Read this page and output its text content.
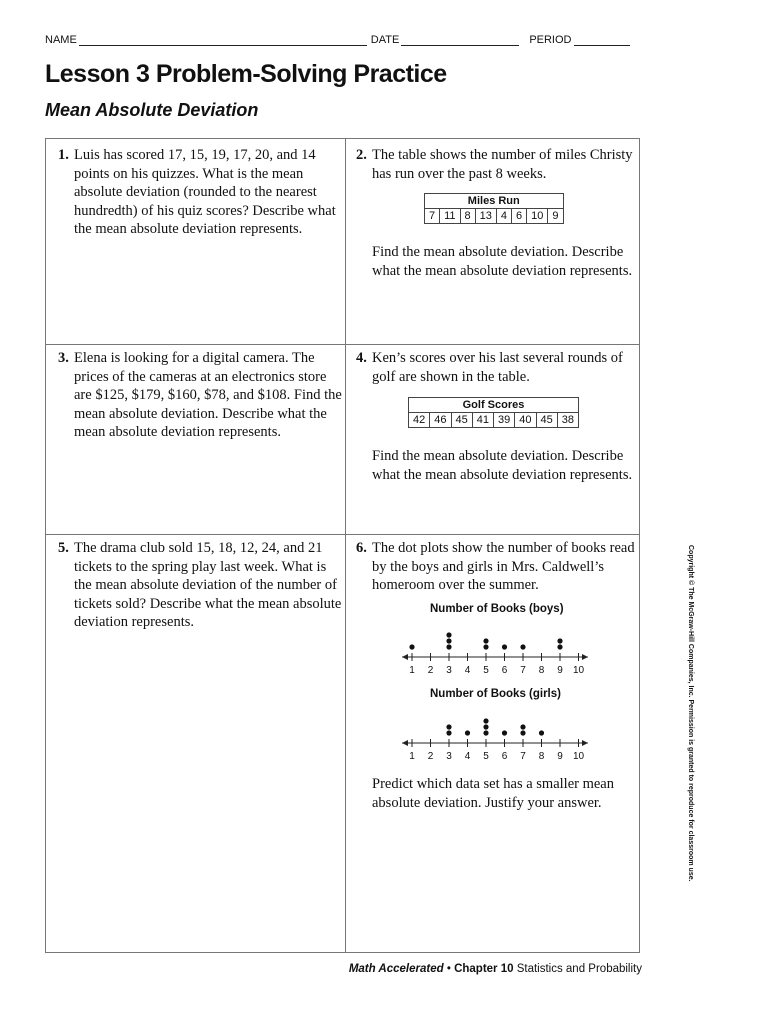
NAME	DATE	PERIOD
Lesson 3 Problem-Solving Practice
Mean Absolute Deviation
1. Luis has scored 17, 15, 19, 17, 20, and 14 points on his quizzes. What is the mean absolute deviation (rounded to the nearest hundredth) of his quiz scores? Describe what the mean absolute deviation represents.
2. The table shows the number of miles Christy has run over the past 8 weeks.
Miles Run
7	11	8	13	4	6	10	9
Find the mean absolute deviation. Describe what the mean absolute deviation represents.
3. Elena is looking for a digital camera. The prices of the cameras at an electronics store are $125, $179, $160, $78, and $108. Find the mean absolute deviation. Describe what the mean absolute deviation represents.
4. Ken’s scores over his last several rounds of golf are shown in the table.
Golf Scores
42	46	45	41	39	40	45	38
Find the mean absolute deviation. Describe what the mean absolute deviation represents.
5. The drama club sold 15, 18, 12, 24, and 21 tickets to the spring play last week. What is the mean absolute deviation of the number of tickets sold? Describe what the mean absolute deviation represents.
6. The dot plots show the number of books read by the boys and girls in Mrs. Caldwell’s homeroom over the summer.
Number of Books (boys)
1 2 3 4 5 6 7 8 9 10
Number of Books (girls)
1 2 3 4 5 6 7 8 9 10
Predict which data set has a smaller mean absolute deviation. Justify your answer.
Math Accelerated • Chapter 10 Statistics and Probability
Copyright © The McGraw-Hill Companies, Inc. Permission is granted to reproduce for classroom use.
